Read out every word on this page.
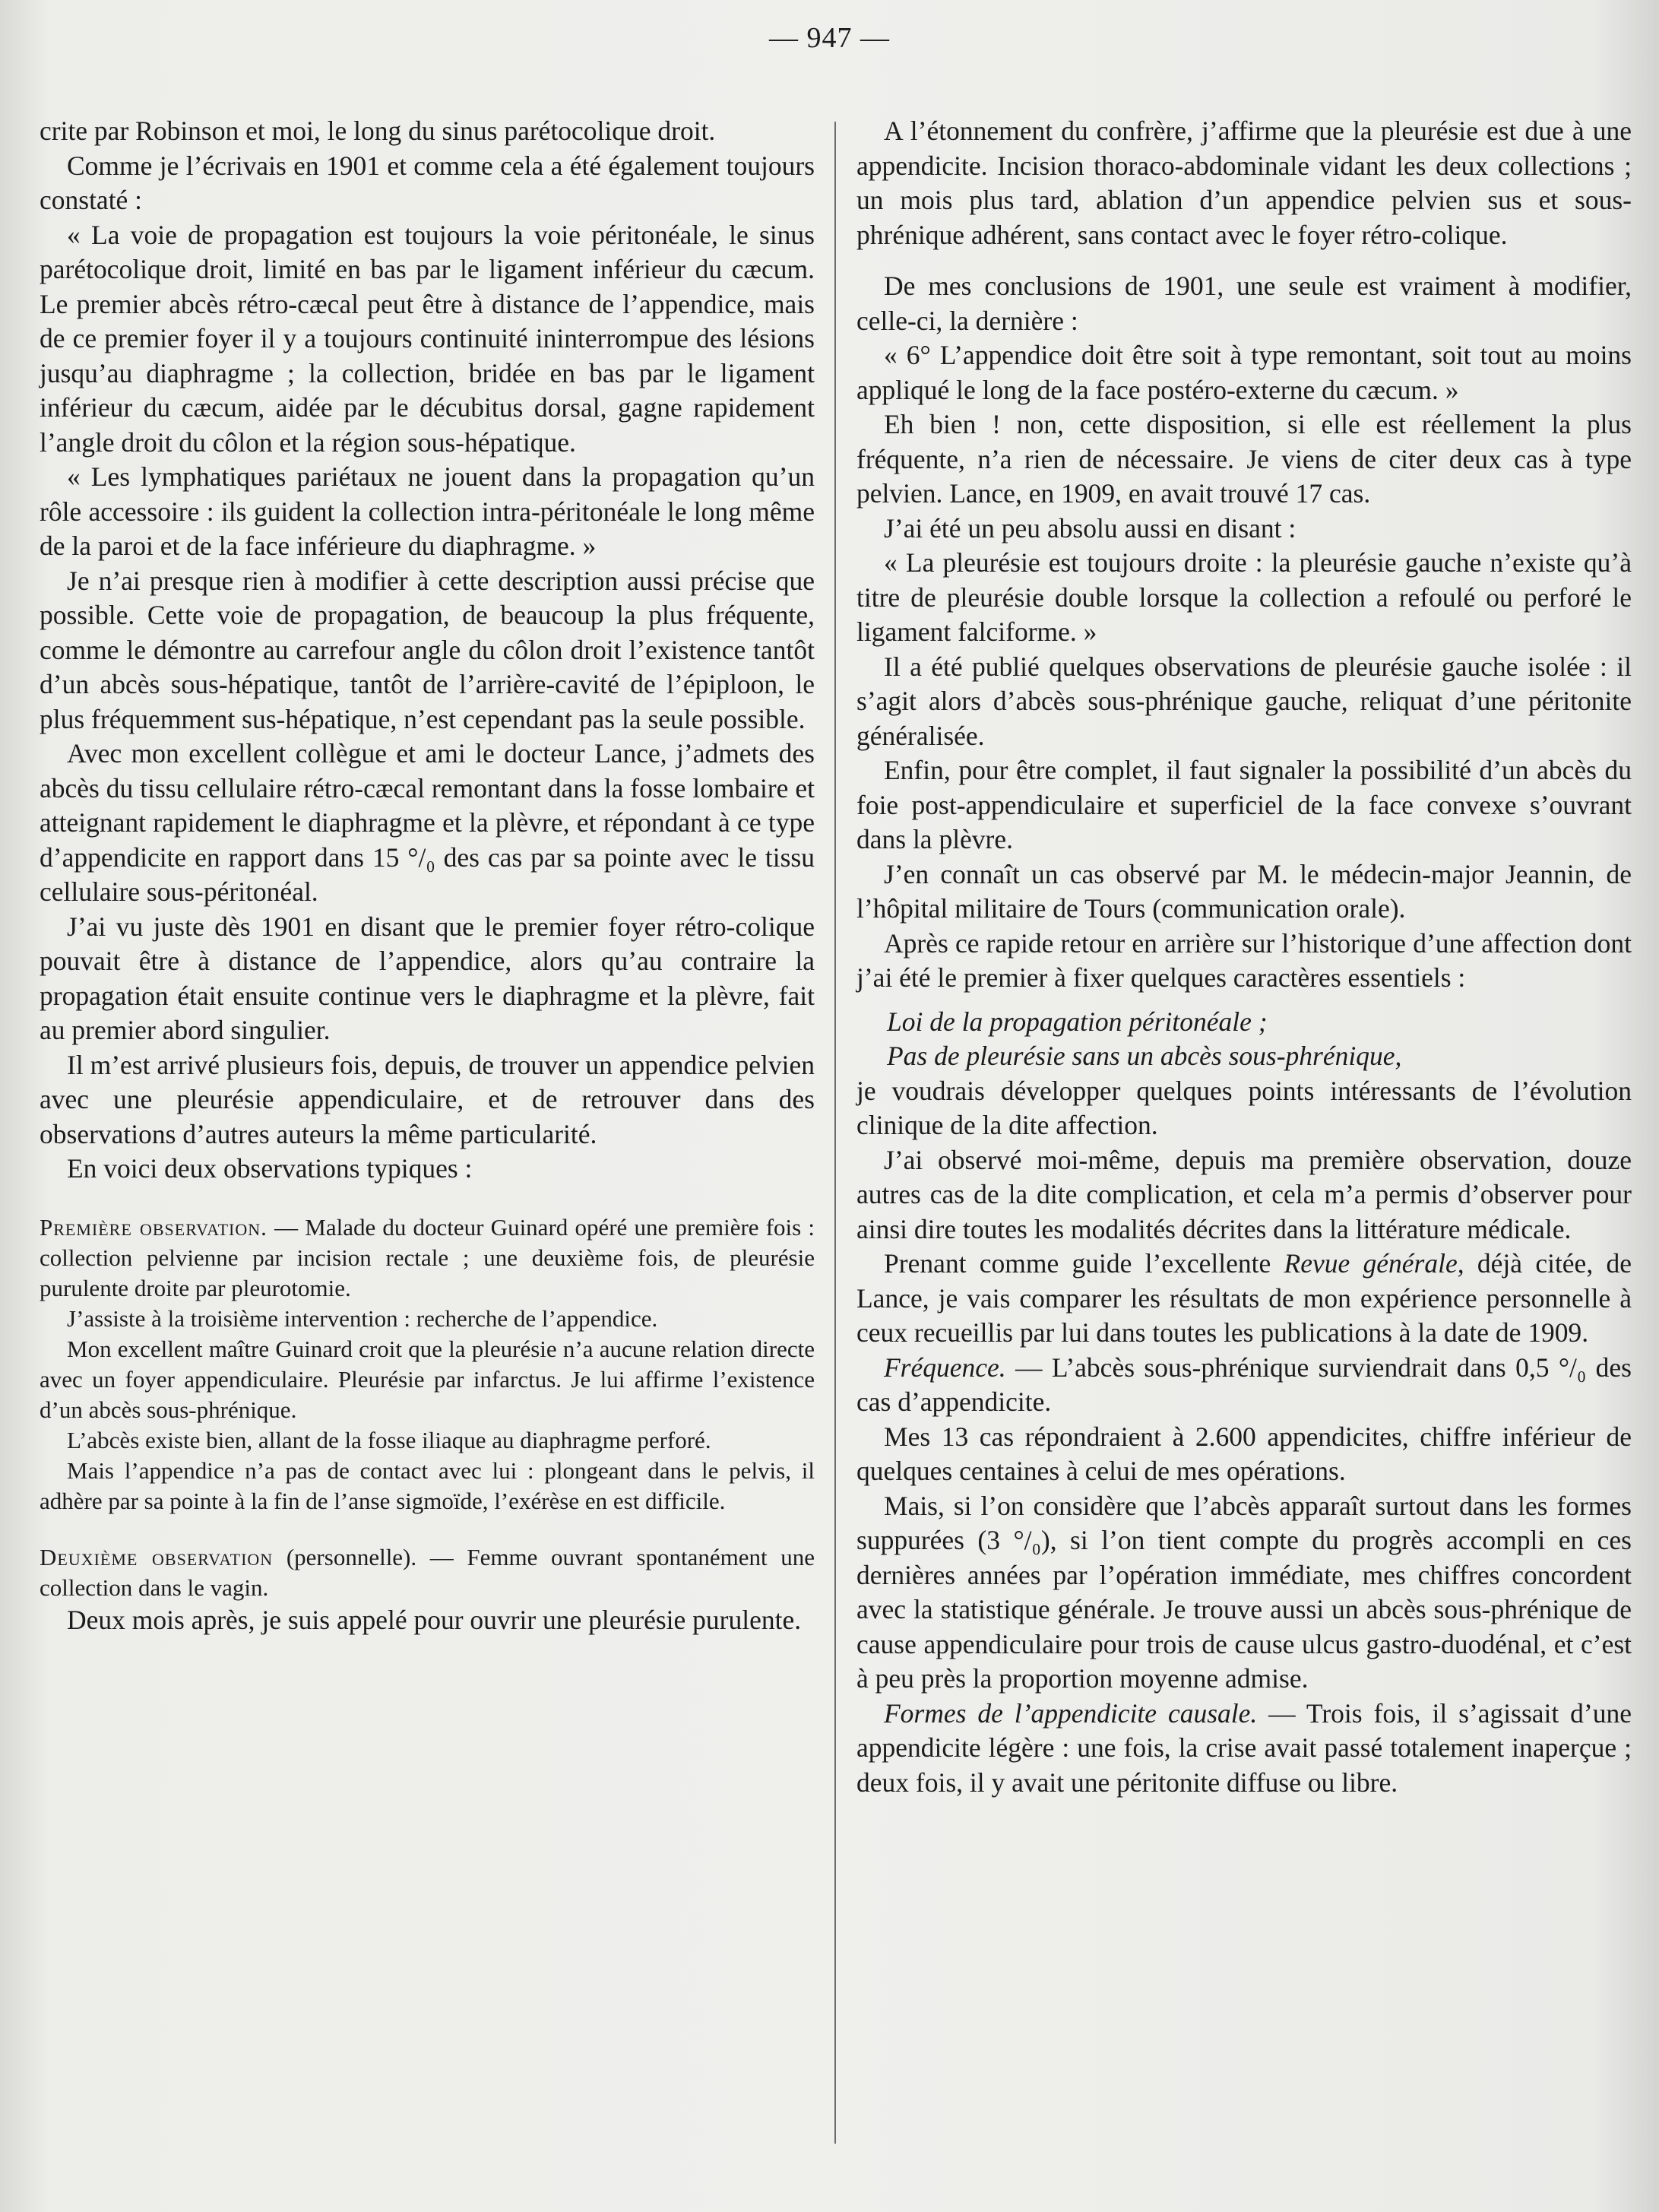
— 947 —

crite par Robinson et moi, le long du sinus parétocolique droit.

Comme je l’écrivais en 1901 et comme cela a été également toujours constaté :

« La voie de propagation est toujours la voie péritonéale, le sinus parétocolique droit, limité en bas par le ligament inférieur du cæcum. Le premier abcès rétro-cæcal peut être à distance de l’appendice, mais de ce premier foyer il y a toujours continuité ininterrompue des lésions jusqu’au diaphragme ; la collection, bridée en bas par le ligament inférieur du cæcum, aidée par le décubitus dorsal, gagne rapidement l’angle droit du côlon et la région sous-hépatique.

« Les lymphatiques pariétaux ne jouent dans la propagation qu’un rôle accessoire : ils guident la collection intra-péritonéale le long même de la paroi et de la face inférieure du diaphragme. »

Je n’ai presque rien à modifier à cette description aussi précise que possible. Cette voie de propagation, de beaucoup la plus fréquente, comme le démontre au carrefour angle du côlon droit l’existence tantôt d’un abcès sous-hépatique, tantôt de l’arrière-cavité de l’épiploon, le plus fréquemment sus-hépatique, n’est cependant pas la seule possible.

Avec mon excellent collègue et ami le docteur Lance, j’admets des abcès du tissu cellulaire rétro-cæcal remontant dans la fosse lombaire et atteignant rapidement le diaphragme et la plèvre, et répondant à ce type d’appendicite en rapport dans 15 °/₀ des cas par sa pointe avec le tissu cellulaire sous-péritonéal.

J’ai vu juste dès 1901 en disant que le premier foyer rétro-colique pouvait être à distance de l’appendice, alors qu’au contraire la propagation était ensuite continue vers le diaphragme et la plèvre, fait au premier abord singulier.

Il m’est arrivé plusieurs fois, depuis, de trouver un appendice pelvien avec une pleurésie appendiculaire, et de retrouver dans des observations d’autres auteurs la même particularité.

En voici deux observations typiques :

Première observation. — Malade du docteur Guinard opéré une première fois : collection pelvienne par incision rectale ; une deuxième fois, de pleurésie purulente droite par pleurotomie.

J’assiste à la troisième intervention : recherche de l’appendice.

Mon excellent maître Guinard croit que la pleurésie n’a aucune relation directe avec un foyer appendiculaire. Pleurésie par infarctus. Je lui affirme l’existence d’un abcès sous-phrénique.

L’abcès existe bien, allant de la fosse iliaque au diaphragme perforé.

Mais l’appendice n’a pas de contact avec lui : plongeant dans le pelvis, il adhère par sa pointe à la fin de l’anse sigmoïde, l’exérèse en est difficile.

Deuxième observation (personnelle). — Femme ouvrant spontanément une collection dans le vagin.

Deux mois après, je suis appelé pour ouvrir une pleurésie purulente.

A l’étonnement du confrère, j’affirme que la pleurésie est due à une appendicite. Incision thoraco-abdominale vidant les deux collections ; un mois plus tard, ablation d’un appendice pelvien sus et sous-phrénique adhérent, sans contact avec le foyer rétro-colique.

De mes conclusions de 1901, une seule est vraiment à modifier, celle-ci, la dernière :

« 6° L’appendice doit être soit à type remontant, soit tout au moins appliqué le long de la face postéro-externe du cæcum. »

Eh bien ! non, cette disposition, si elle est réellement la plus fréquente, n’a rien de nécessaire. Je viens de citer deux cas à type pelvien. Lance, en 1909, en avait trouvé 17 cas.

J’ai été un peu absolu aussi en disant :

« La pleurésie est toujours droite : la pleurésie gauche n’existe qu’à titre de pleurésie double lorsque la collection a refoulé ou perforé le ligament falciforme. »

Il a été publié quelques observations de pleurésie gauche isolée : il s’agit alors d’abcès sous-phrénique gauche, reliquat d’une péritonite généralisée.

Enfin, pour être complet, il faut signaler la possibilité d’un abcès du foie post-appendiculaire et superficiel de la face convexe s’ouvrant dans la plèvre.

J’en connaît un cas observé par M. le médecin-major Jeannin, de l’hôpital militaire de Tours (communication orale).

Après ce rapide retour en arrière sur l’historique d’une affection dont j’ai été le premier à fixer quelques caractères essentiels :

Loi de la propagation péritonéale ;

Pas de pleurésie sans un abcès sous-phrénique,

je voudrais développer quelques points intéressants de l’évolution clinique de la dite affection.

J’ai observé moi-même, depuis ma première observation, douze autres cas de la dite complication, et cela m’a permis d’observer pour ainsi dire toutes les modalités décrites dans la littérature médicale.

Prenant comme guide l’excellente Revue générale, déjà citée, de Lance, je vais comparer les résultats de mon expérience personnelle à ceux recueillis par lui dans toutes les publications à la date de 1909.

Fréquence. — L’abcès sous-phrénique surviendrait dans 0,5 °/₀ des cas d’appendicite.

Mes 13 cas répondraient à 2.600 appendicites, chiffre inférieur de quelques centaines à celui de mes opérations.

Mais, si l’on considère que l’abcès apparaît surtout dans les formes suppurées (3 °/₀), si l’on tient compte du progrès accompli en ces dernières années par l’opération immédiate, mes chiffres concordent avec la statistique générale. Je trouve aussi un abcès sous-phrénique de cause appendiculaire pour trois de cause ulcus gastro-duodénal, et c’est à peu près la proportion moyenne admise.

Formes de l’appendicite causale. — Trois fois, il s’agissait d’une appendicite légère : une fois, la crise avait passé totalement inaperçue ; deux fois, il y avait une péritonite diffuse ou libre.
